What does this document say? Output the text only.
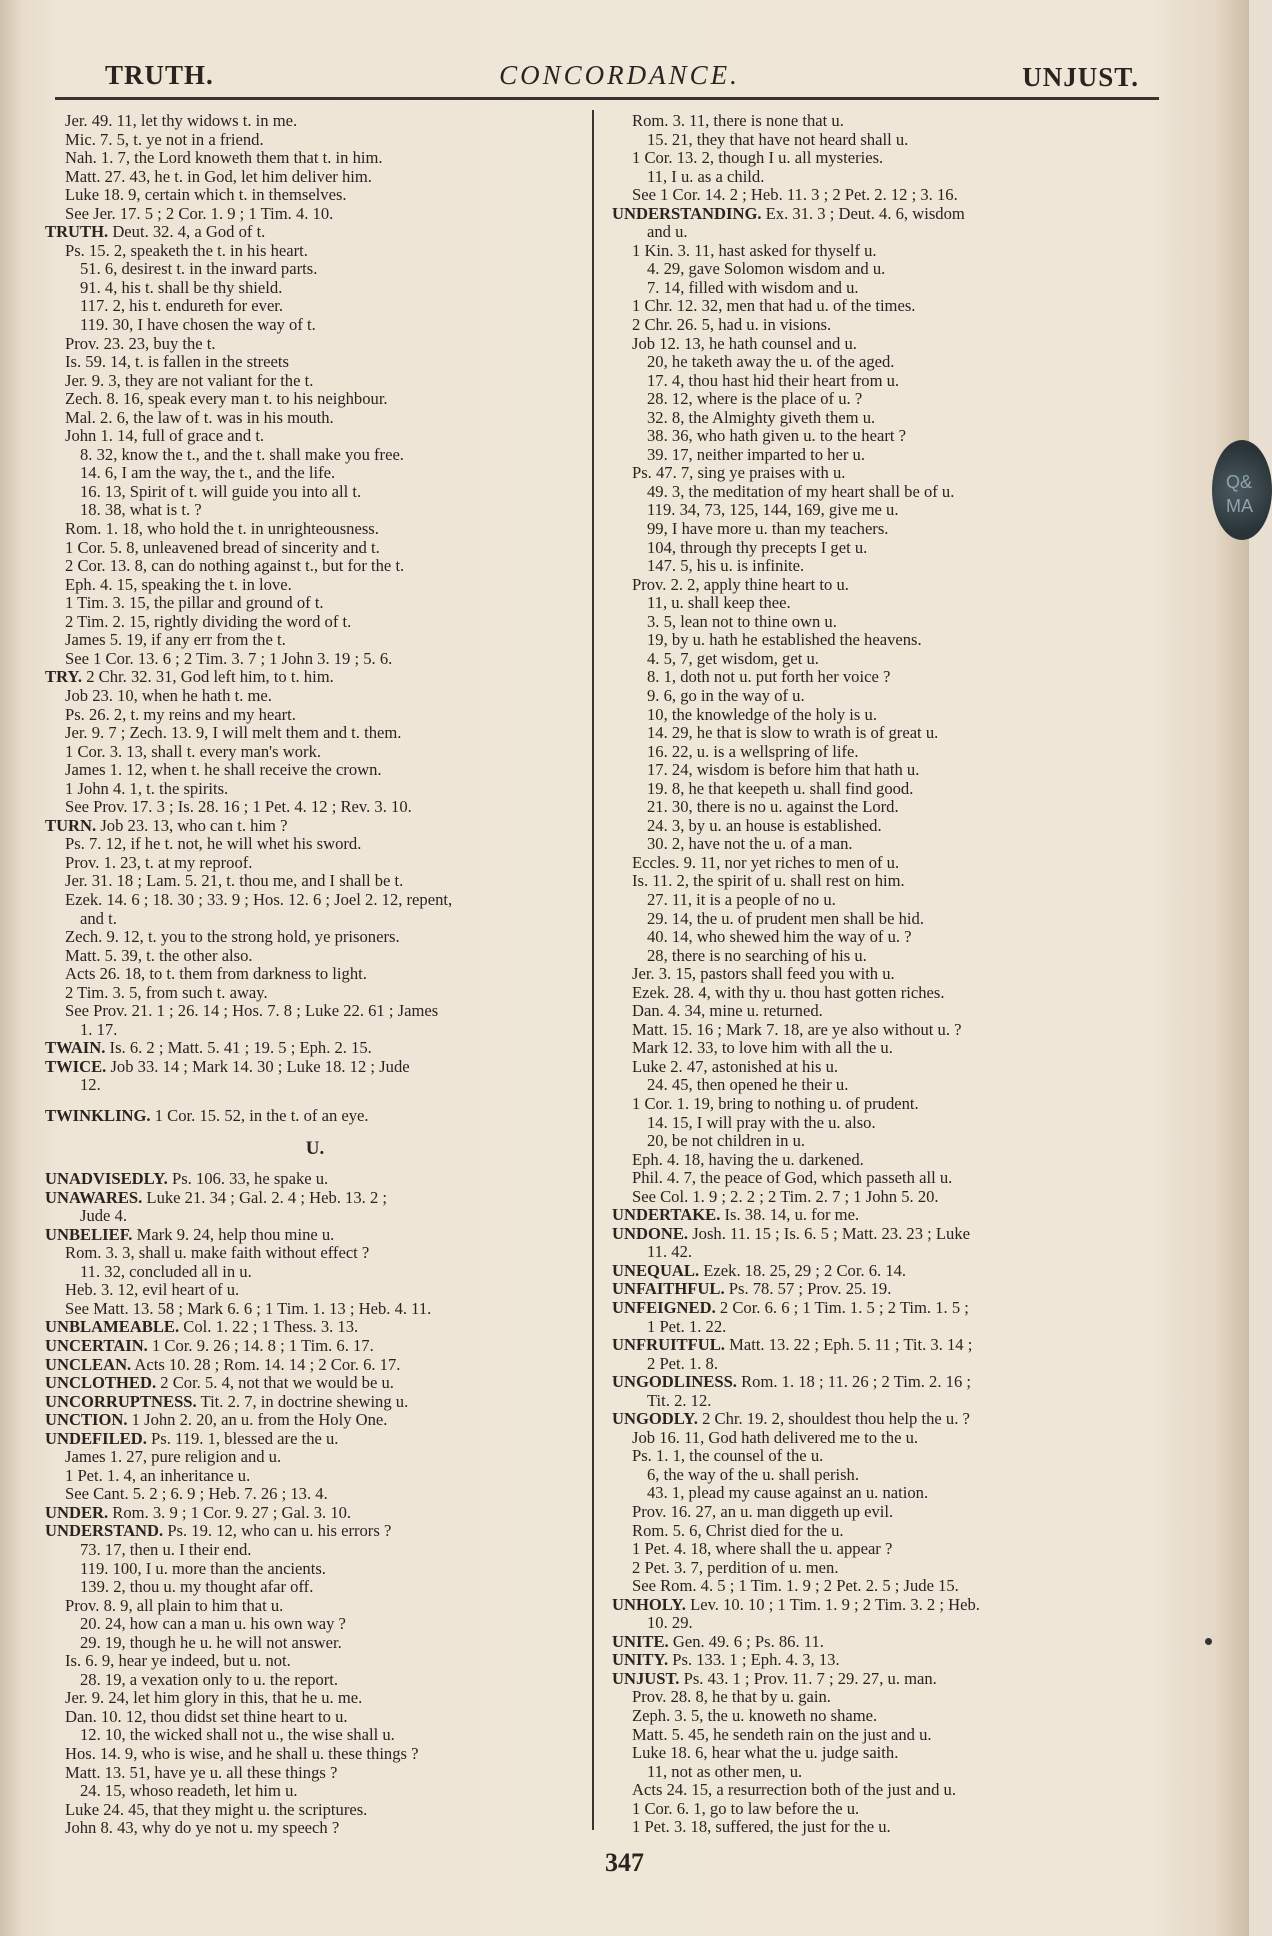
TRUTH.	CONCORDANCE.	UNJUST.
Jer. 49. 11, let thy widows t. in me.
Mic. 7. 5, t. ye not in a friend.
Nah. 1. 7, the Lord knoweth them that t. in him.
Matt. 27. 43, he t. in God, let him deliver him.
Luke 18. 9, certain which t. in themselves.
See Jer. 17. 5 ; 2 Cor. 1. 9 ; 1 Tim. 4. 10.
TRUTH. Deut. 32. 4, a God of t.
Ps. 15. 2, speaketh the t. in his heart.
51. 6, desirest t. in the inward parts.
91. 4, his t. shall be thy shield.
117. 2, his t. endureth for ever.
119. 30, I have chosen the way of t.
Prov. 23. 23, buy the t.
Is. 59. 14, t. is fallen in the streets
Jer. 9. 3, they are not valiant for the t.
Zech. 8. 16, speak every man t. to his neighbour.
Mal. 2. 6, the law of t. was in his mouth.
John 1. 14, full of grace and t.
8. 32, know the t., and the t. shall make you free.
14. 6, I am the way, the t., and the life.
16. 13, Spirit of t. will guide you into all t.
18. 38, what is t. ?
Rom. 1. 18, who hold the t. in unrighteousness.
1 Cor. 5. 8, unleavened bread of sincerity and t.
2 Cor. 13. 8, can do nothing against t., but for the t.
Eph. 4. 15, speaking the t. in love.
1 Tim. 3. 15, the pillar and ground of t.
2 Tim. 2. 15, rightly dividing the word of t.
James 5. 19, if any err from the t.
See 1 Cor. 13. 6 ; 2 Tim. 3. 7 ; 1 John 3. 19 ; 5. 6.
TRY. 2 Chr. 32. 31, God left him, to t. him.
Job 23. 10, when he hath t. me.
Ps. 26. 2, t. my reins and my heart.
Jer. 9. 7 ; Zech. 13. 9, I will melt them and t. them.
1 Cor. 3. 13, shall t. every man's work.
James 1. 12, when t. he shall receive the crown.
1 John 4. 1, t. the spirits.
See Prov. 17. 3 ; Is. 28. 16 ; 1 Pet. 4. 12 ; Rev. 3. 10.
TURN. Job 23. 13, who can t. him ?
Ps. 7. 12, if he t. not, he will whet his sword.
Prov. 1. 23, t. at my reproof.
Jer. 31. 18 ; Lam. 5. 21, t. thou me, and I shall be t.
Ezek. 14. 6 ; 18. 30 ; 33. 9 ; Hos. 12. 6 ; Joel 2. 12, repent,
and t.
Zech. 9. 12, t. you to the strong hold, ye prisoners.
Matt. 5. 39, t. the other also.
Acts 26. 18, to t. them from darkness to light.
2 Tim. 3. 5, from such t. away.
See Prov. 21. 1 ; 26. 14 ; Hos. 7. 8 ; Luke 22. 61 ; James
1. 17.
TWAIN. Is. 6. 2 ; Matt. 5. 41 ; 19. 5 ; Eph. 2. 15.
TWICE. Job 33. 14 ; Mark 14. 30 ; Luke 18. 12 ; Jude
12.
TWINKLING. 1 Cor. 15. 52, in the t. of an eye.
U.
UNADVISEDLY. Ps. 106. 33, he spake u.
UNAWARES. Luke 21. 34 ; Gal. 2. 4 ; Heb. 13. 2 ;
Jude 4.
UNBELIEF. Mark 9. 24, help thou mine u.
Rom. 3. 3, shall u. make faith without effect ?
11. 32, concluded all in u.
Heb. 3. 12, evil heart of u.
See Matt. 13. 58 ; Mark 6. 6 ; 1 Tim. 1. 13 ; Heb. 4. 11.
UNBLAMEABLE. Col. 1. 22 ; 1 Thess. 3. 13.
UNCERTAIN. 1 Cor. 9. 26 ; 14. 8 ; 1 Tim. 6. 17.
UNCLEAN. Acts 10. 28 ; Rom. 14. 14 ; 2 Cor. 6. 17.
UNCLOTHED. 2 Cor. 5. 4, not that we would be u.
UNCORRUPTNESS. Tit. 2. 7, in doctrine shewing u.
UNCTION. 1 John 2. 20, an u. from the Holy One.
UNDEFILED. Ps. 119. 1, blessed are the u.
James 1. 27, pure religion and u.
1 Pet. 1. 4, an inheritance u.
See Cant. 5. 2 ; 6. 9 ; Heb. 7. 26 ; 13. 4.
UNDER. Rom. 3. 9 ; 1 Cor. 9. 27 ; Gal. 3. 10.
UNDERSTAND. Ps. 19. 12, who can u. his errors ?
73. 17, then u. I their end.
119. 100, I u. more than the ancients.
139. 2, thou u. my thought afar off.
Prov. 8. 9, all plain to him that u.
20. 24, how can a man u. his own way ?
29. 19, though he u. he will not answer.
Is. 6. 9, hear ye indeed, but u. not.
28. 19, a vexation only to u. the report.
Jer. 9. 24, let him glory in this, that he u. me.
Dan. 10. 12, thou didst set thine heart to u.
12. 10, the wicked shall not u., the wise shall u.
Hos. 14. 9, who is wise, and he shall u. these things ?
Matt. 13. 51, have ye u. all these things ?
24. 15, whoso readeth, let him u.
Luke 24. 45, that they might u. the scriptures.
John 8. 43, why do ye not u. my speech ?
Rom. 3. 11, there is none that u.
15. 21, they that have not heard shall u.
1 Cor. 13. 2, though I u. all mysteries.
11, I u. as a child.
See 1 Cor. 14. 2 ; Heb. 11. 3 ; 2 Pet. 2. 12 ; 3. 16.
UNDERSTANDING. Ex. 31. 3 ; Deut. 4. 6, wisdom
and u.
1 Kin. 3. 11, hast asked for thyself u.
4. 29, gave Solomon wisdom and u.
7. 14, filled with wisdom and u.
1 Chr. 12. 32, men that had u. of the times.
2 Chr. 26. 5, had u. in visions.
Job 12. 13, he hath counsel and u.
20, he taketh away the u. of the aged.
17. 4, thou hast hid their heart from u.
28. 12, where is the place of u. ?
32. 8, the Almighty giveth them u.
38. 36, who hath given u. to the heart ?
39. 17, neither imparted to her u.
Ps. 47. 7, sing ye praises with u.
49. 3, the meditation of my heart shall be of u.
119. 34, 73, 125, 144, 169, give me u.
99, I have more u. than my teachers.
104, through thy precepts I get u.
147. 5, his u. is infinite.
Prov. 2. 2, apply thine heart to u.
11, u. shall keep thee.
3. 5, lean not to thine own u.
19, by u. hath he established the heavens.
4. 5, 7, get wisdom, get u.
8. 1, doth not u. put forth her voice ?
9. 6, go in the way of u.
10, the knowledge of the holy is u.
14. 29, he that is slow to wrath is of great u.
16. 22, u. is a wellspring of life.
17. 24, wisdom is before him that hath u.
19. 8, he that keepeth u. shall find good.
21. 30, there is no u. against the Lord.
24. 3, by u. an house is established.
30. 2, have not the u. of a man.
Eccles. 9. 11, nor yet riches to men of u.
Is. 11. 2, the spirit of u. shall rest on him.
27. 11, it is a people of no u.
29. 14, the u. of prudent men shall be hid.
40. 14, who shewed him the way of u. ?
28, there is no searching of his u.
Jer. 3. 15, pastors shall feed you with u.
Ezek. 28. 4, with thy u. thou hast gotten riches.
Dan. 4. 34, mine u. returned.
Matt. 15. 16 ; Mark 7. 18, are ye also without u. ?
Mark 12. 33, to love him with all the u.
Luke 2. 47, astonished at his u.
24. 45, then opened he their u.
1 Cor. 1. 19, bring to nothing u. of prudent.
14. 15, I will pray with the u. also.
20, be not children in u.
Eph. 4. 18, having the u. darkened.
Phil. 4. 7, the peace of God, which passeth all u.
See Col. 1. 9 ; 2. 2 ; 2 Tim. 2. 7 ; 1 John 5. 20.
UNDERTAKE. Is. 38. 14, u. for me.
UNDONE. Josh. 11. 15 ; Is. 6. 5 ; Matt. 23. 23 ; Luke
11. 42.
UNEQUAL. Ezek. 18. 25, 29 ; 2 Cor. 6. 14.
UNFAITHFUL. Ps. 78. 57 ; Prov. 25. 19.
UNFEIGNED. 2 Cor. 6. 6 ; 1 Tim. 1. 5 ; 2 Tim. 1. 5 ;
1 Pet. 1. 22.
UNFRUITFUL. Matt. 13. 22 ; Eph. 5. 11 ; Tit. 3. 14 ;
2 Pet. 1. 8.
UNGODLINESS. Rom. 1. 18 ; 11. 26 ; 2 Tim. 2. 16 ;
Tit. 2. 12.
UNGODLY. 2 Chr. 19. 2, shouldest thou help the u. ?
Job 16. 11, God hath delivered me to the u.
Ps. 1. 1, the counsel of the u.
6, the way of the u. shall perish.
43. 1, plead my cause against an u. nation.
Prov. 16. 27, an u. man diggeth up evil.
Rom. 5. 6, Christ died for the u.
1 Pet. 4. 18, where shall the u. appear ?
2 Pet. 3. 7, perdition of u. men.
See Rom. 4. 5 ; 1 Tim. 1. 9 ; 2 Pet. 2. 5 ; Jude 15.
UNHOLY. Lev. 10. 10 ; 1 Tim. 1. 9 ; 2 Tim. 3. 2 ; Heb.
10. 29.
UNITE. Gen. 49. 6 ; Ps. 86. 11.
UNITY. Ps. 133. 1 ; Eph. 4. 3, 13.
UNJUST. Ps. 43. 1 ; Prov. 11. 7 ; 29. 27, u. man.
Prov. 28. 8, he that by u. gain.
Zeph. 3. 5, the u. knoweth no shame.
Matt. 5. 45, he sendeth rain on the just and u.
Luke 18. 6, hear what the u. judge saith.
11, not as other men, u.
Acts 24. 15, a resurrection both of the just and u.
1 Cor. 6. 1, go to law before the u.
1 Pet. 3. 18, suffered, the just for the u.
Q&
MA
347
